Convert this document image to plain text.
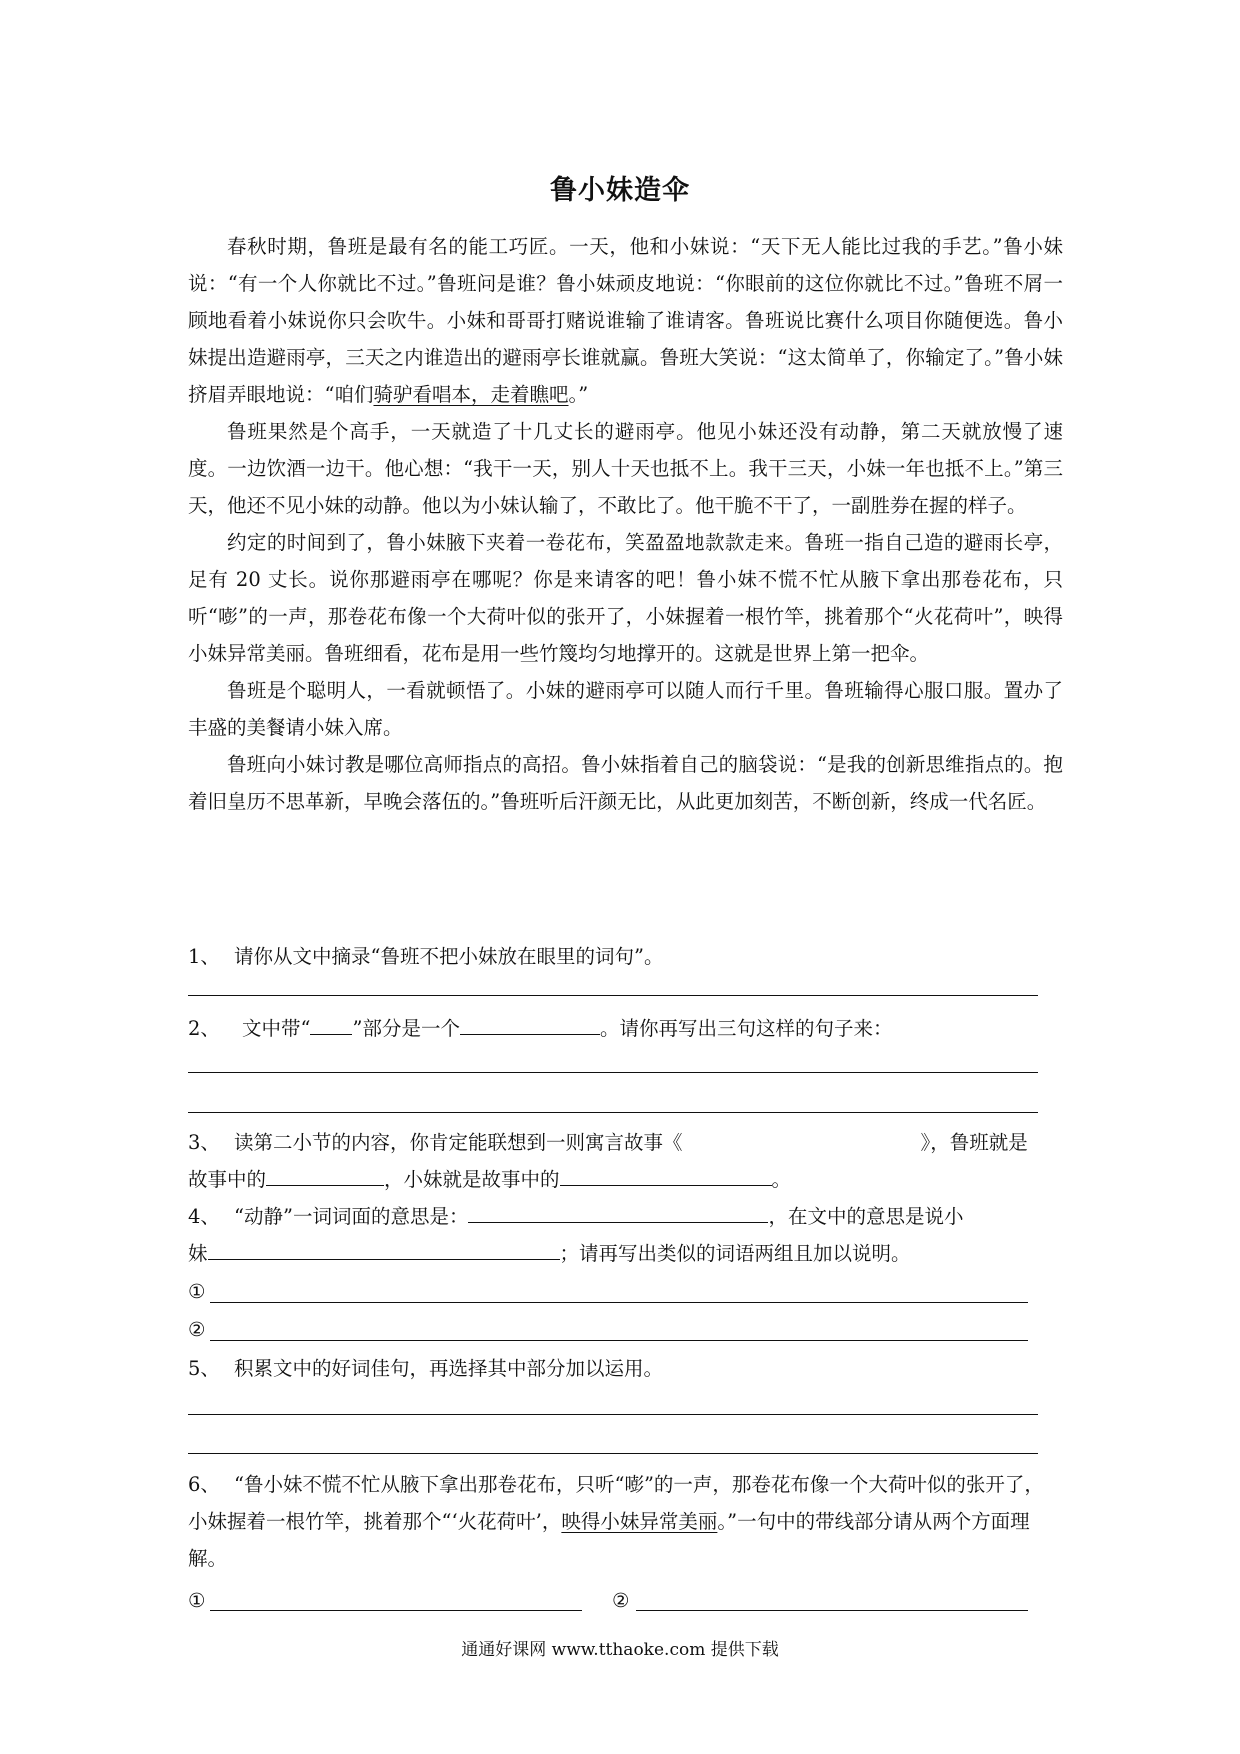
鲁小妹造伞

春秋时期，鲁班是最有名的能工巧匠。一天，他和小妹说：“天下无人能比过我的手艺。”鲁小妹说：“有一个人你就比不过。”鲁班问是谁？鲁小妹顽皮地说：“你眼前的这位你就比不过。”鲁班不屑一顾地看着小妹说你只会吹牛。小妹和哥哥打赌说谁输了谁请客。鲁班说比赛什么项目你随便选。鲁小妹提出造避雨亭，三天之内谁造出的避雨亭长谁就赢。鲁班大笑说：“这太简单了，你输定了。”鲁小妹挤眉弄眼地说：“咱们骑驴看唱本，走着瞧吧。”

鲁班果然是个高手，一天就造了十几丈长的避雨亭。他见小妹还没有动静，第二天就放慢了速度。一边饮酒一边干。他心想：“我干一天，别人十天也抵不上。我干三天，小妹一年也抵不上。”第三天，他还不见小妹的动静。他以为小妹认输了，不敢比了。他干脆不干了，一副胜券在握的样子。

约定的时间到了，鲁小妹腋下夹着一卷花布，笑盈盈地款款走来。鲁班一指自己造的避雨长亭，足有 20 丈长。说你那避雨亭在哪呢？你是来请客的吧！鲁小妹不慌不忙从腋下拿出那卷花布，只听“嘭”的一声，那卷花布像一个大荷叶似的张开了，小妹握着一根竹竿，挑着那个“火花荷叶”，映得小妹异常美丽。鲁班细看，花布是用一些竹篾均匀地撑开的。这就是世界上第一把伞。

鲁班是个聪明人，一看就顿悟了。小妹的避雨亭可以随人而行千里。鲁班输得心服口服。置办了丰盛的美餐请小妹入席。

鲁班向小妹讨教是哪位高师指点的高招。鲁小妹指着自己的脑袋说：“是我的创新思维指点的。抱着旧皇历不思革新，早晚会落伍的。”鲁班听后汗颜无比，从此更加刻苦，不断创新，终成一代名匠。

1、 请你从文中摘录“鲁班不把小妹放在眼里的词句”。
2、 文中带“ ”部分是一个	。请你再写出三句这样的句子来：
3、 读第二小节的内容，你肯定能联想到一则寓言故事《	》，鲁班就是
故事中的	，小妹就是故事中的	。
4、 “动静”一词词面的意思是：	，在文中的意思是说小
妹	；请再写出类似的词语两组且加以说明。
①
②
5、 积累文中的好词佳句，再选择其中部分加以运用。
6、 “鲁小妹不慌不忙从腋下拿出那卷花布，只听“嘭”的一声，那卷花布像一个大荷叶似的张开了，小妹握着一根竹竿，挑着那个“‘火花荷叶’，映得小妹异常美丽。”一句中的带线部分请从两个方面理解。
①	②
通通好课网 www.tthaoke.com 提供下载
